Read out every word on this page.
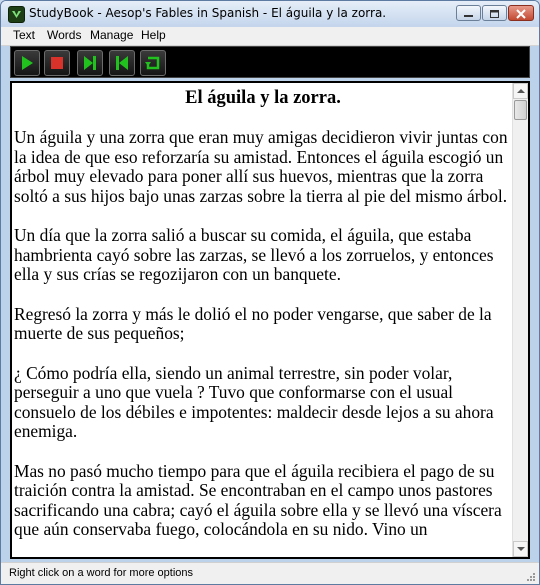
StudyBook - Aesop's Fables in Spanish - El águila y la zorra.
Text Words Manage Help
El águila y la zorra.

Un águila y una zorra que eran muy amigas decidieron vivir juntas con la idea de que eso reforzaría su amistad. Entonces el águila escogió un árbol muy elevado para poner allí sus huevos, mientras que la zorra soltó a sus hijos bajo unas zarzas sobre la tierra al pie del mismo árbol.

Un día que la zorra salió a buscar su comida, el águila, que estaba hambrienta cayó sobre las zarzas, se llevó a los zorruelos, y entonces ella y sus crías se regozijaron con un banquete.

Regresó la zorra y más le dolió el no poder vengarse, que saber de la muerte de sus pequeños;

¿ Cómo podría ella, siendo un animal terrestre, sin poder volar, perseguir a uno que vuela ? Tuvo que conformarse con el usual consuelo de los débiles e impotentes: maldecir desde lejos a su ahora enemiga.

Mas no pasó mucho tiempo para que el águila recibiera el pago de su traición contra la amistad. Se encontraban en el campo unos pastores sacrificando una cabra; cayó el águila sobre ella y se llevó una víscera que aún conservaba fuego, colocándola en su nido. Vino un

Right click on a word for more options
